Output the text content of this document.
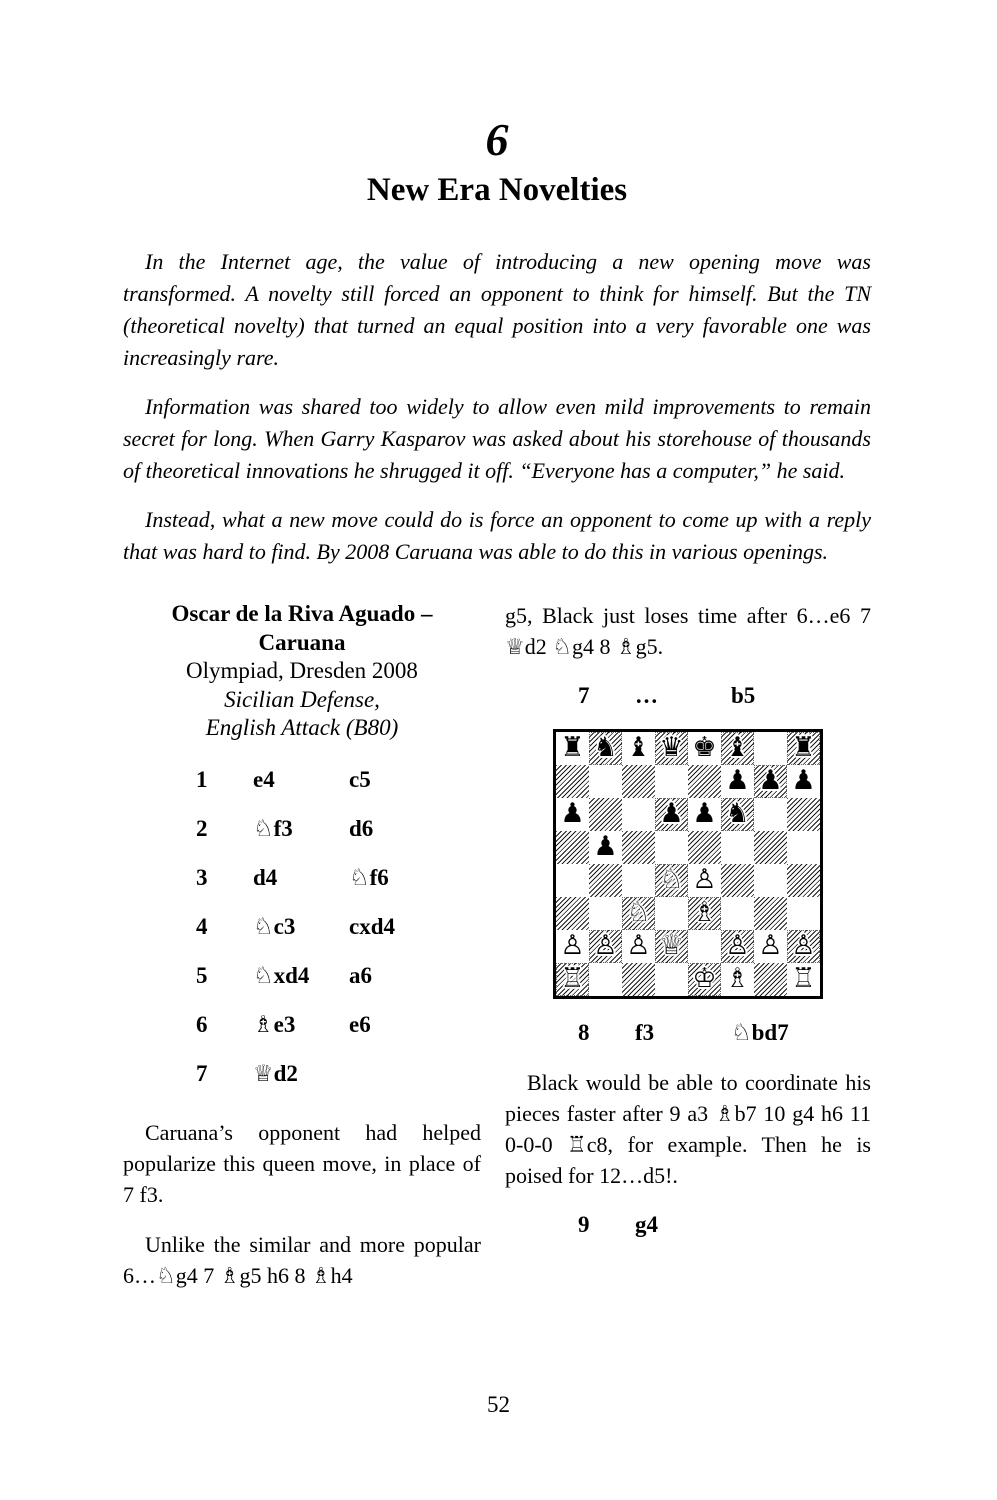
6
New Era Novelties

In the Internet age, the value of introducing a new opening move was transformed. A novelty still forced an opponent to think for himself. But the TN (theoretical novelty) that turned an equal position into a very favorable one was increasingly rare.

Information was shared too widely to allow even mild improvements to remain secret for long. When Garry Kasparov was asked about his storehouse of thousands of theoretical innovations he shrugged it off. “Everyone has a computer,” he said.

Instead, what a new move could do is force an opponent to come up with a reply that was hard to find. By 2008 Caruana was able to do this in various openings.

Oscar de la Riva Aguado –
Caruana
Olympiad, Dresden 2008
Sicilian Defense,
English Attack (B80)
1	e4	c5
2	♘f3	d6
3	d4	♘f6
4	♘c3	cxd4
5	♘xd4	a6
6	♗e3	e6
7	♕d2

Caruana’s opponent had helped popularize this queen move, in place of 7 f3.

Unlike the similar and more popular 6…♘g4 7 ♗g5 h6 8 ♗h4

g5, Black just loses time after 6…e6 7 ♕d2 ♘g4 8 ♗g5.

7	…	b5
♜ ♞ ♝ ♛ ♚ ♝ ♜
♟ ♟ ♟
♟	♟ ♟ ♞
♟
♘ ♙
♘ ♗
♙ ♙ ♙ ♕ ♙ ♙ ♙
♖	♔ ♗ ♖
8	f3	♘bd7

Black would be able to coordinate his pieces faster after 9 a3 ♗b7 10 g4 h6 11 0-0-0 ♖c8, for example. Then he is poised for 12…d5!.

9	g4
52
